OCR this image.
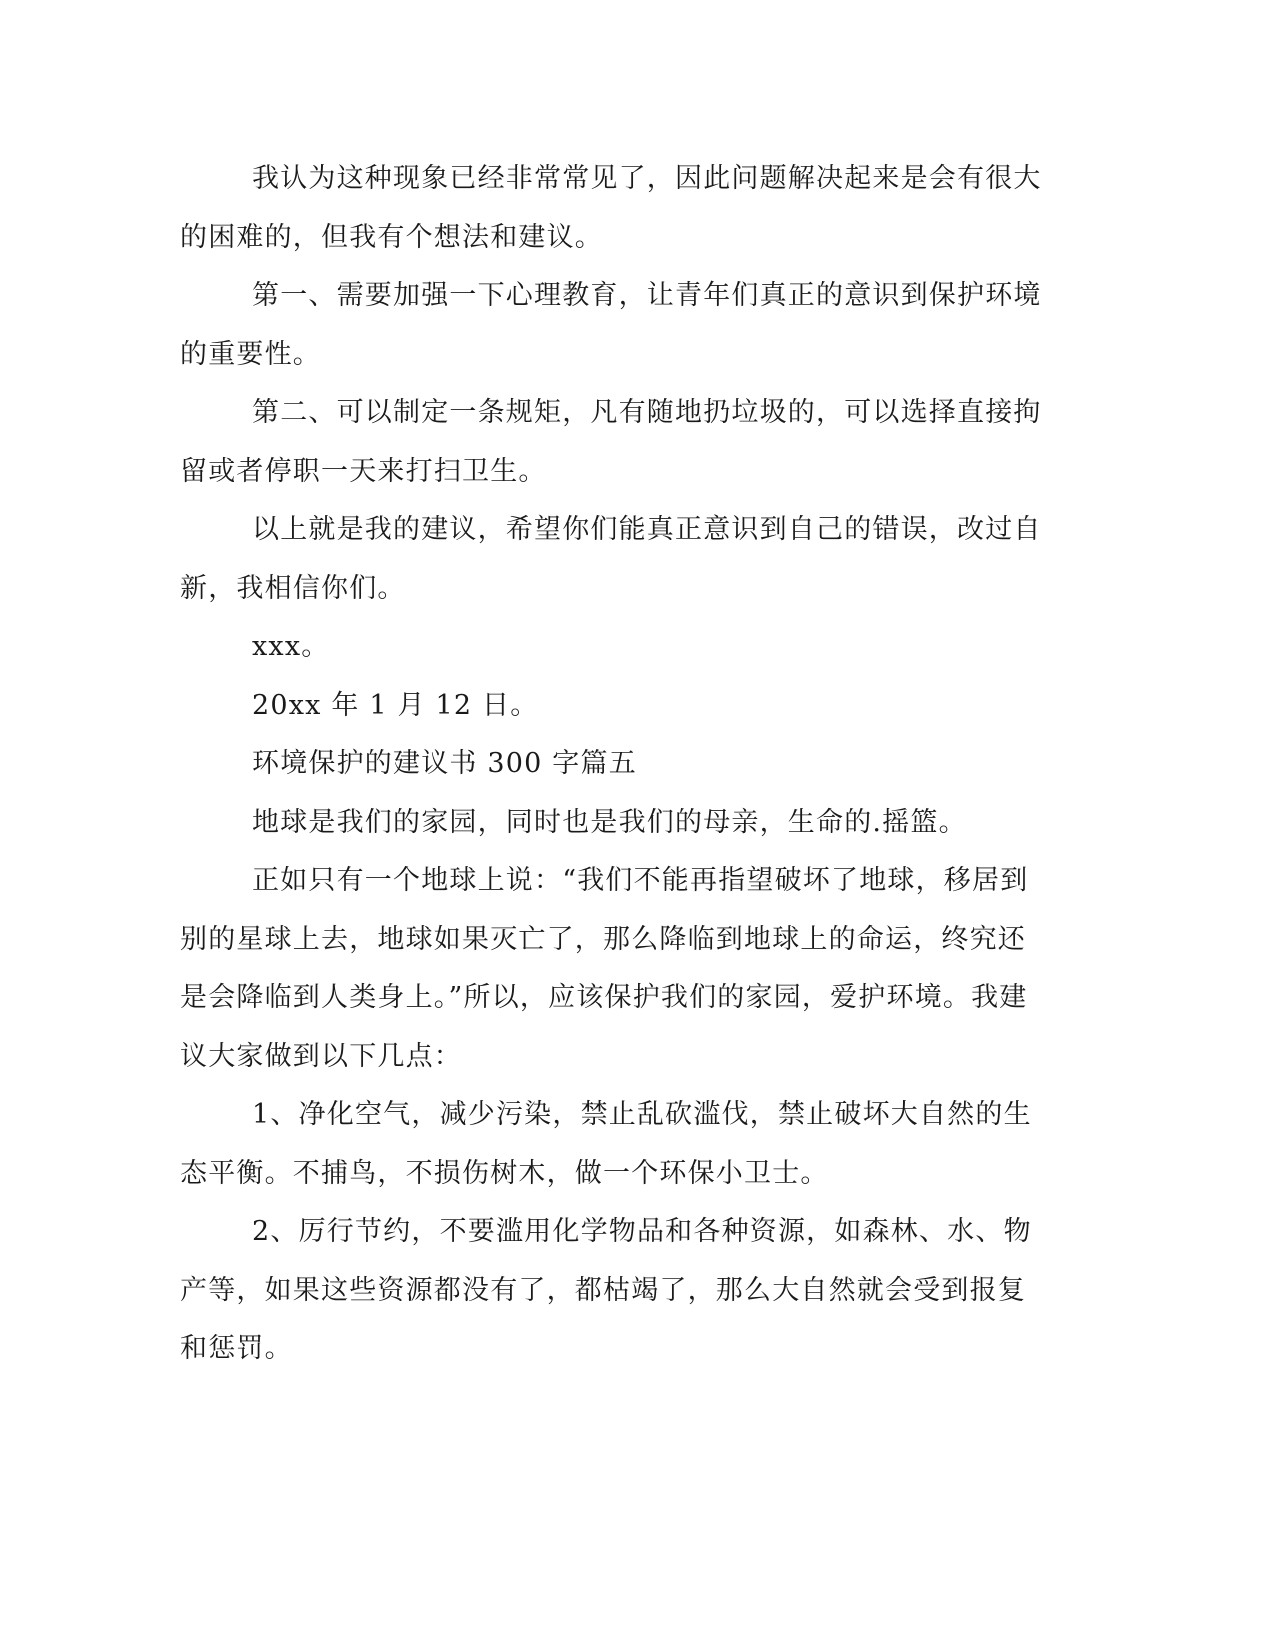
我认为这种现象已经非常常见了，因此问题解决起来是会有很大
的困难的，但我有个想法和建议。
第一、需要加强一下心理教育，让青年们真正的意识到保护环境
的重要性。
第二、可以制定一条规矩，凡有随地扔垃圾的，可以选择直接拘
留或者停职一天来打扫卫生。
以上就是我的建议，希望你们能真正意识到自己的错误，改过自
新，我相信你们。
xxx。
20xx 年 1 月 12 日。
环境保护的建议书 300 字篇五
地球是我们的家园，同时也是我们的母亲，生命的.摇篮。
正如只有一个地球上说：“我们不能再指望破坏了地球，移居到
别的星球上去，地球如果灭亡了，那么降临到地球上的命运，终究还
是会降临到人类身上。”所以，应该保护我们的家园，爱护环境。我建
议大家做到以下几点：
1、净化空气，减少污染，禁止乱砍滥伐，禁止破坏大自然的生
态平衡。不捕鸟，不损伤树木，做一个环保小卫士。
2、厉行节约，不要滥用化学物品和各种资源，如森林、水、物
产等，如果这些资源都没有了，都枯竭了，那么大自然就会受到报复
和惩罚。
